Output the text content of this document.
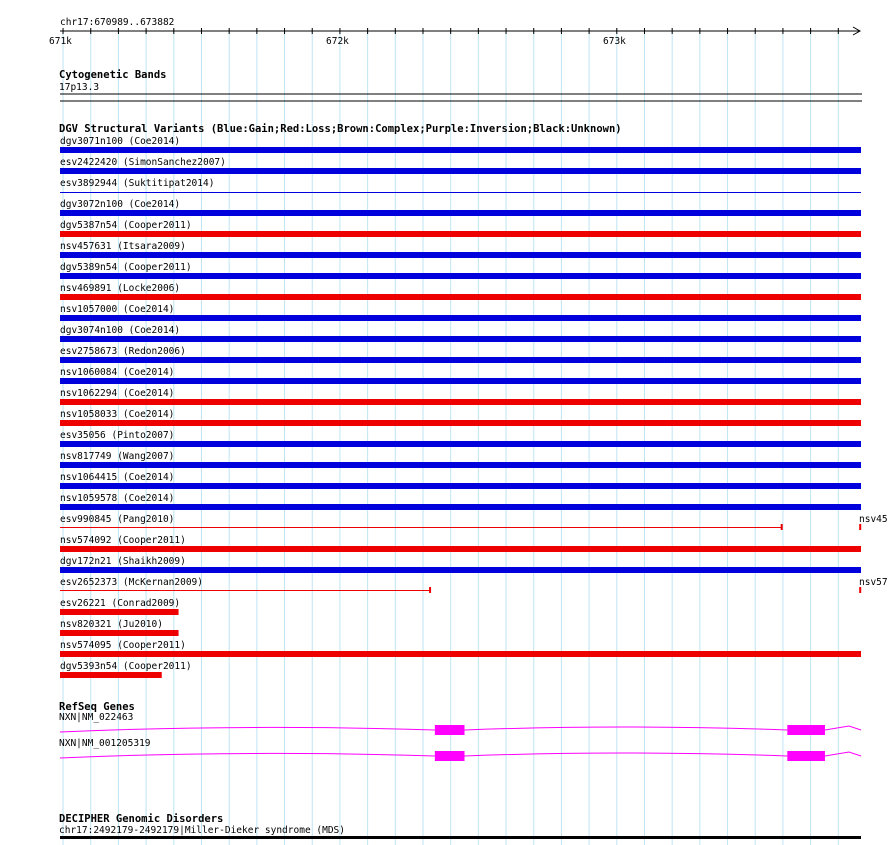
chr17:670989..673882
671k	672k	673k
Cytogenetic Bands
17p13.3
DGV Structural Variants (Blue:Gain;Red:Loss;Brown:Complex;Purple:Inversion;Black:Unknown)
dgv3071n100 (Coe2014)
esv2422420 (SimonSanchez2007)
esv3892944 (Suktitipat2014)
dgv3072n100 (Coe2014)
dgv5387n54 (Cooper2011)
nsv457631 (Itsara2009)
dgv5389n54 (Cooper2011)
nsv469891 (Locke2006)
nsv1057000 (Coe2014)
dgv3074n100 (Coe2014)
esv2758673 (Redon2006)
nsv1060084 (Coe2014)
nsv1062294 (Coe2014)
nsv1058033 (Coe2014)
esv35056 (Pinto2007)
nsv817749 (Wang2007)
nsv1064415 (Coe2014)
nsv1059578 (Coe2014)
esv990845 (Pang2010)
nsv574092 (Cooper2011)
dgv172n21 (Shaikh2009)
esv2652373 (McKernan2009)
esv26221 (Conrad2009)
nsv820321 (Ju2010)
nsv574095 (Cooper2011)
dgv5393n54 (Cooper2011)
nsv45
nsv57
RefSeq Genes
NXN|NM_022463
NXN|NM_001205319
DECIPHER Genomic Disorders
chr17:2492179-2492179|Miller-Dieker syndrome (MDS)
